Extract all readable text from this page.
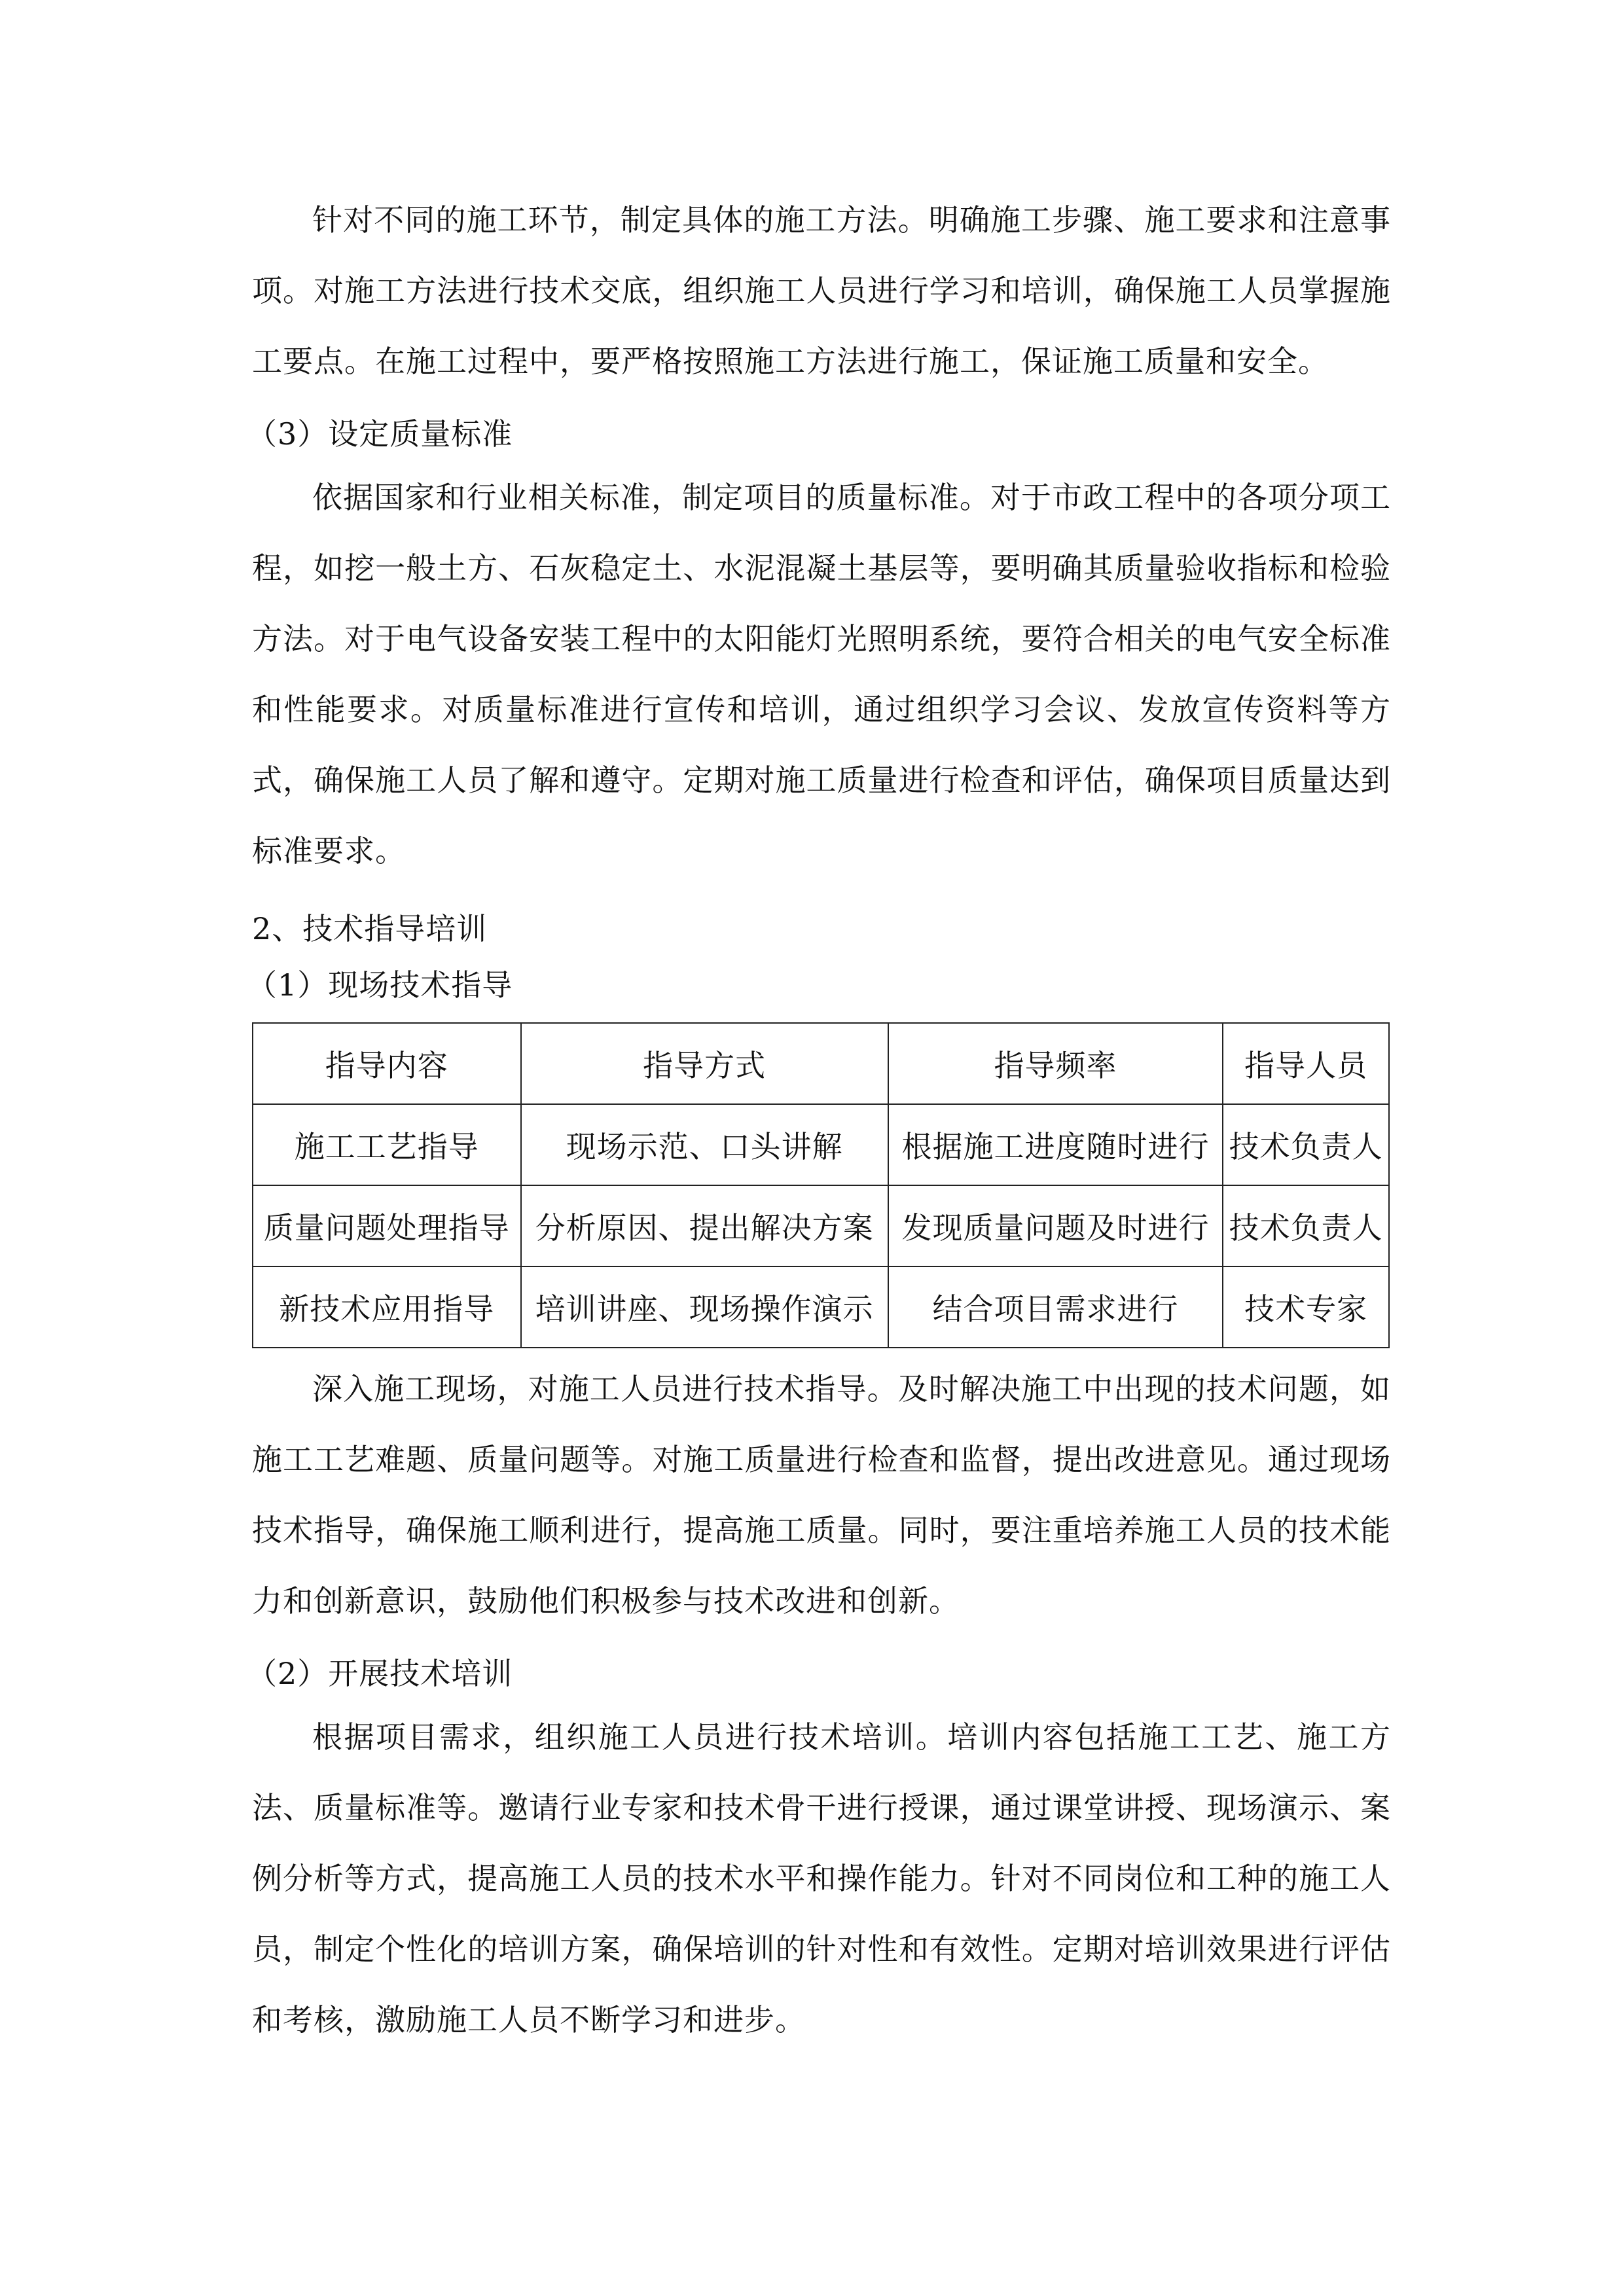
针对不同的施工环节，制定具体的施工方法。明确施工步骤、施工要求和注意事项。对施工方法进行技术交底，组织施工人员进行学习和培训，确保施工人员掌握施工要点。在施工过程中，要严格按照施工方法进行施工，保证施工质量和安全。

（3）设定质量标准

依据国家和行业相关标准，制定项目的质量标准。对于市政工程中的各项分项工程，如挖一般土方、石灰稳定土、水泥混凝土基层等，要明确其质量验收指标和检验方法。对于电气设备安装工程中的太阳能灯光照明系统，要符合相关的电气安全标准和性能要求。对质量标准进行宣传和培训，通过组织学习会议、发放宣传资料等方式，确保施工人员了解和遵守。定期对施工质量进行检查和评估，确保项目质量达到标准要求。

2、技术指导培训

（1）现场技术指导

指导内容	指导方式	指导频率	指导人员
施工工艺指导	现场示范、口头讲解	根据施工进度随时进行	技术负责人
质量问题处理指导	分析原因、提出解决方案	发现质量问题及时进行	技术负责人
新技术应用指导	培训讲座、现场操作演示	结合项目需求进行	技术专家

深入施工现场，对施工人员进行技术指导。及时解决施工中出现的技术问题，如施工工艺难题、质量问题等。对施工质量进行检查和监督，提出改进意见。通过现场技术指导，确保施工顺利进行，提高施工质量。同时，要注重培养施工人员的技术能力和创新意识，鼓励他们积极参与技术改进和创新。

（2）开展技术培训

根据项目需求，组织施工人员进行技术培训。培训内容包括施工工艺、施工方法、质量标准等。邀请行业专家和技术骨干进行授课，通过课堂讲授、现场演示、案例分析等方式，提高施工人员的技术水平和操作能力。针对不同岗位和工种的施工人员，制定个性化的培训方案，确保培训的针对性和有效性。定期对培训效果进行评估和考核，激励施工人员不断学习和进步。
